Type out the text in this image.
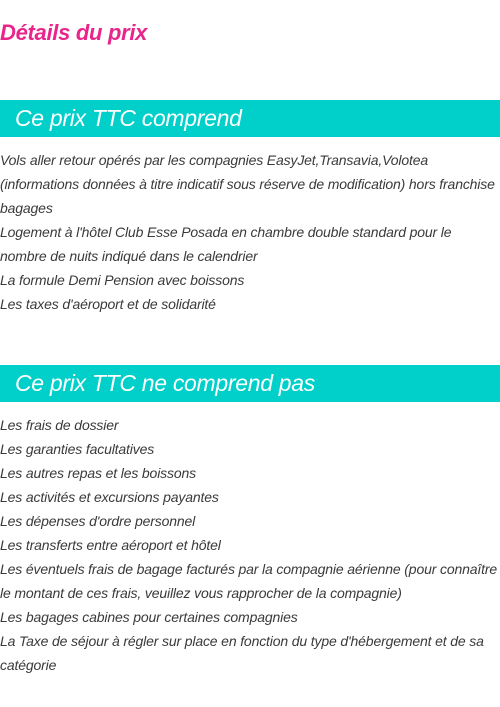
Détails du prix
Ce prix TTC comprend
Vols aller retour opérés par les compagnies EasyJet,Transavia,Volotea (informations données à titre indicatif sous réserve de modification) hors franchise bagages
Logement à l'hôtel Club Esse Posada en chambre double standard pour le nombre de nuits indiqué dans le calendrier
La formule Demi Pension avec boissons
Les taxes d'aéroport et de solidarité
Ce prix TTC ne comprend pas
Les frais de dossier
Les garanties facultatives
Les autres repas et les boissons
Les activités et excursions payantes
Les dépenses d'ordre personnel
Les transferts entre aéroport et hôtel
Les éventuels frais de bagage facturés par la compagnie aérienne (pour connaître le montant de ces frais, veuillez vous rapprocher de la compagnie)
Les bagages cabines pour certaines compagnies
La Taxe de séjour à régler sur place en fonction du type d'hébergement et de sa catégorie
